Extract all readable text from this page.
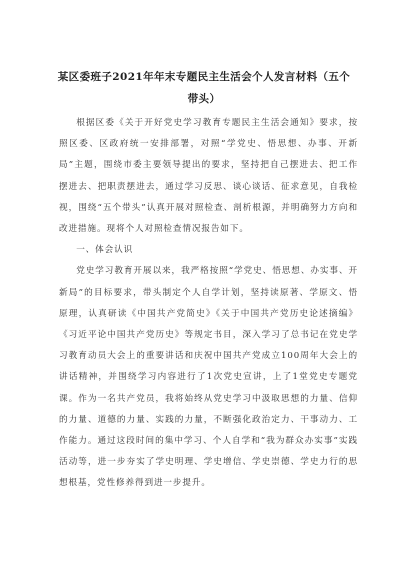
某区委班子2021年年末专题民主生活会个人发言材料（五个带头）

根据区委《关于开好党史学习教育专题民主生活会通知》要求，按照区委、区政府统一安排部署，对照“学党史、悟思想、办事、开新局”主题，围绕市委主要领导提出的要求，坚持把自己摆进去、把工作摆进去、把职责摆进去，通过学习反思、谈心谈话、征求意见，自我检视，围绕“五个带头”认真开展对照检查、剖析根源，并明确努力方向和改进措施。现将个人对照检查情况报告如下。

一、体会认识

党史学习教育开展以来，我严格按照“学党史、悟思想、办实事、开新局”的目标要求，带头制定个人自学计划，坚持读原著、学原文、悟原理，认真研读《中国共产党简史》《关于中国共产党历史论述摘编》《习近平论中国共产党历史》等规定书目，深入学习了总书记在党史学习教育动员大会上的重要讲话和庆祝中国共产党成立100周年大会上的讲话精神，并围绕学习内容进行了1次党史宣讲，上了1堂党史专题党课。作为一名共产党员，我将始终从党史学习中汲取思想的力量、信仰的力量、道德的力量、实践的力量，不断强化政治定力、干事动力、工作能力。通过这段时间的集中学习、个人自学和“我为群众办实事”实践活动等，进一步夯实了学史明理、学史增信、学史崇德、学史力行的思想根基，党性修养得到进一步提升。
